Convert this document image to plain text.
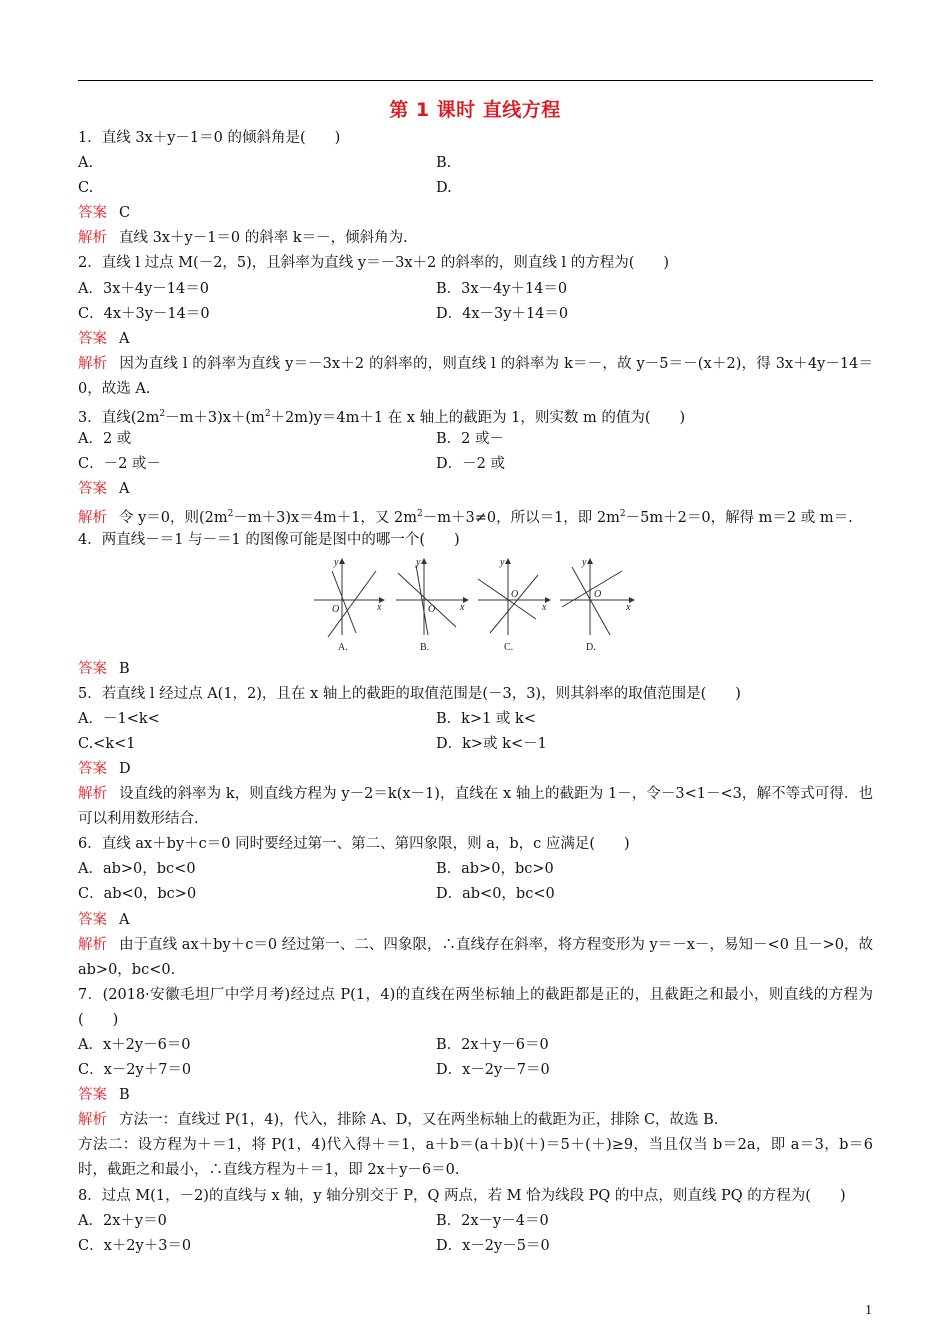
第 1 课时 直线方程
1．直线 3x＋y－1＝0 的倾斜角是(　　)
A.	B.
C.	D.
答案 C
解析 直线 3x＋y－1＝0 的斜率 k＝－，倾斜角为.
2．直线 l 过点 M(－2，5)，且斜率为直线 y＝－3x＋2 的斜率的，则直线 l 的方程为(　　)
A．3x＋4y－14＝0	B．3x－4y＋14＝0
C．4x＋3y－14＝0	D．4x－3y＋14＝0
答案 A
解析 因为直线 l 的斜率为直线 y＝－3x＋2 的斜率的，则直线 l 的斜率为 k＝－，故 y－5＝－(x＋2)，得 3x＋4y－14＝0，故选 A.
3．直线$(2m^2-m+3)x+(m^2+2m)y=4m+1$ 在 x 轴上的截距为 1，则实数 m 的值为(　　)
A．2 或	B．2 或－
C．－2 或－	D．－2 或
答案 A
解析 令 y＝0，则$(2m^2-m+3)x=4m+1$，又 $2m^2-m+3\ne 0$，所以＝1，即 $2m^2-5m+2=0$，解得 m＝2 或 m＝.
4．两直线－＝1 与－＝1 的图像可能是图中的哪一个(　　)
x
y
O
A.
x
y
O
B.
x
y
O
C.
x
y
O
D.
答案 B
5．若直线 l 经过点 A(1，2)，且在 x 轴上的截距的取值范围是(－3，3)，则其斜率的取值范围是(　　)
A．－1<k<	B．k>1 或 k<
C.<k<1	D．k>或 k<－1
答案 D
解析 设直线的斜率为 k，则直线方程为 y－2＝k(x－1)，直线在 x 轴上的截距为 1－，令－3<1－<3，解不等式可得．也可以利用数形结合.
6．直线 ax＋by＋c＝0 同时要经过第一、第二、第四象限，则 a，b，c 应满足(　　)
A．ab>0，bc<0	B．ab>0，bc>0
C．ab<0，bc>0	D．ab<0，bc<0
答案 A
解析 由于直线 ax＋by＋c＝0 经过第一、二、四象限，∴直线存在斜率，将方程变形为 y＝－x－，易知－<0 且－>0，故 ab>0，bc<0.
7．(2018·安徽毛坦厂中学月考)经过点 P(1，4)的直线在两坐标轴上的截距都是正的，且截距之和最小，则直线的方程为(　　)
A．x＋2y－6＝0	B．2x＋y－6＝0
C．x－2y＋7＝0	D．x－2y－7＝0
答案 B
解析 方法一：直线过 P(1，4)，代入，排除 A、D，又在两坐标轴上的截距为正，排除 C，故选 B.
方法二：设方程为＋＝1，将 P(1，4)代入得＋＝1，a＋b＝(a＋b)(＋)＝5＋(＋)≥9，当且仅当 b＝2a，即 a＝3，b＝6 时，截距之和最小，∴直线方程为＋＝1，即 2x＋y－6＝0.
8．过点 M(1，－2)的直线与 x 轴，y 轴分别交于 P，Q 两点，若 M 恰为线段 PQ 的中点，则直线 PQ 的方程为(　　)
A．2x＋y＝0	B．2x－y－4＝0
C．x＋2y＋3＝0	D．x－2y－5＝0
1
